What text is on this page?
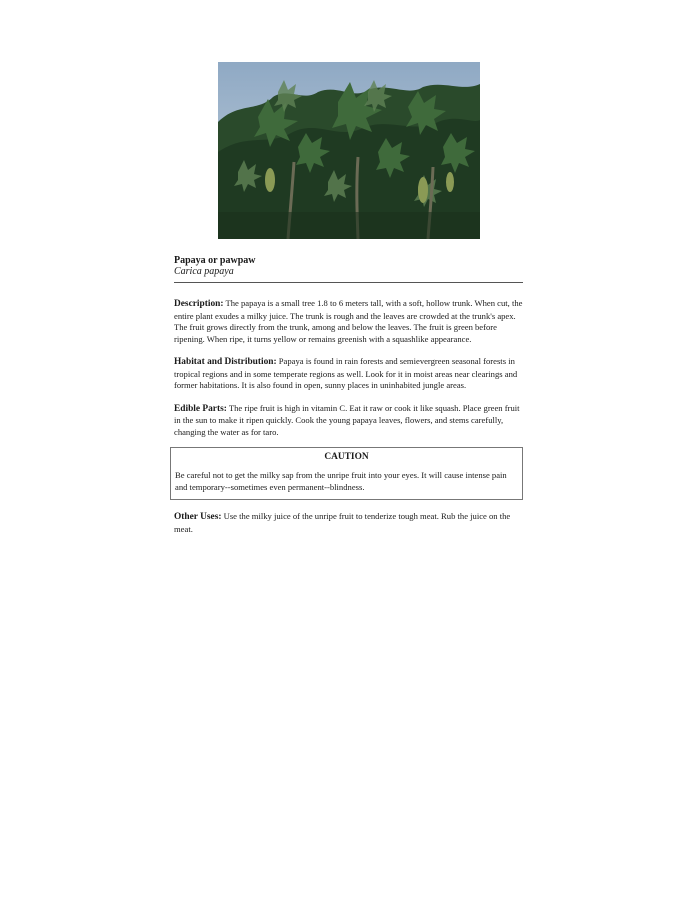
Papaya or pawpaw

Carica papaya

Description: The papaya is a small tree 1.8 to 6 meters tall, with a soft, hollow trunk. When cut, the entire plant exudes a milky juice. The trunk is rough and the leaves are crowded at the trunk's apex. The fruit grows directly from the trunk, among and below the leaves. The fruit is green before ripening. When ripe, it turns yellow or remains greenish with a squashlike appearance.

Habitat and Distribution: Papaya is found in rain forests and semievergreen seasonal forests in tropical regions and in some temperate regions as well. Look for it in moist areas near clearings and former habitations. It is also found in open, sunny places in uninhabited jungle areas.

Edible Parts: The ripe fruit is high in vitamin C. Eat it raw or cook it like squash. Place green fruit in the sun to make it ripen quickly. Cook the young papaya leaves, flowers, and stems carefully, changing the water as for taro.

CAUTION

Be careful not to get the milky sap from the unripe fruit into your eyes. It will cause intense pain and temporary--sometimes even permanent--blindness.

Other Uses: Use the milky juice of the unripe fruit to tenderize tough meat. Rub the juice on the meat.
